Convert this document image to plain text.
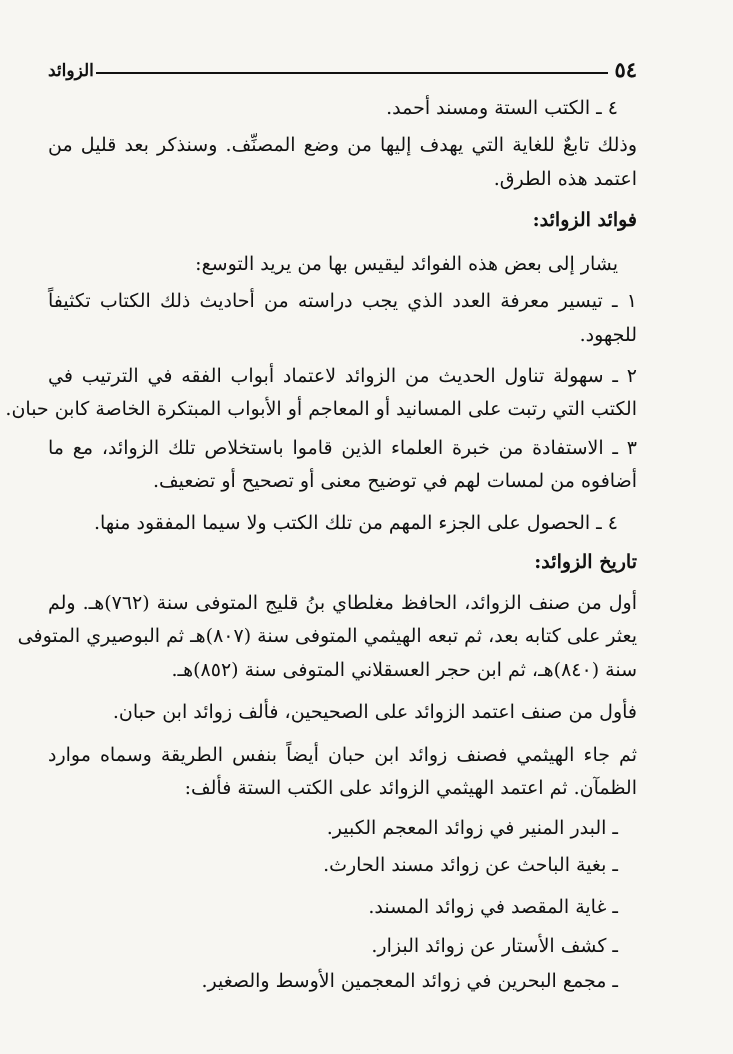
٥٤
الزوائد
٤ ـ الكتب الستة ومسند أحمد.
وذلك تابعٌ للغاية التي يهدف إليها من وضع المصنِّف. وسنذكر بعد قليل من
اعتمد هذه الطرق.
فوائد الزوائد:
يشار إلى بعض هذه الفوائد ليقيس بها من يريد التوسع:
١ ـ تيسير معرفة العدد الذي يجب دراسته من أحاديث ذلك الكتاب تكثيفاً
للجهود.
٢ ـ سهولة تناول الحديث من الزوائد لاعتماد أبواب الفقه في الترتيب في
الكتب التي رتبت على المسانيد أو المعاجم أو الأبواب المبتكرة الخاصة كابن حبان.
٣ ـ الاستفادة من خبرة العلماء الذين قاموا باستخلاص تلك الزوائد، مع ما
أضافوه من لمسات لهم في توضيح معنى أو تصحيح أو تضعيف.
٤ ـ الحصول على الجزء المهم من تلك الكتب ولا سيما المفقود منها.
تاريخ الزوائد:
أول من صنف الزوائد، الحافظ مغلطاي بنُ قليج المتوفى سنة (٧٦٢)هـ. ولم
يعثر على كتابه بعد، ثم تبعه الهيثمي المتوفى سنة (٨٠٧)هـ ثم البوصيري المتوفى
سنة (٨٤٠)هـ، ثم ابن حجر العسقلاني المتوفى سنة (٨٥٢)هـ.
فأول من صنف اعتمد الزوائد على الصحيحين، فألف زوائد ابن حبان.
ثم جاء الهيثمي فصنف زوائد ابن حبان أيضاً بنفس الطريقة وسماه موارد
الظمآن. ثم اعتمد الهيثمي الزوائد على الكتب الستة فألف:
ـ البدر المنير في زوائد المعجم الكبير.
ـ بغية الباحث عن زوائد مسند الحارث.
ـ غاية المقصد في زوائد المسند.
ـ كشف الأستار عن زوائد البزار.
ـ مجمع البحرين في زوائد المعجمين الأوسط والصغير.
